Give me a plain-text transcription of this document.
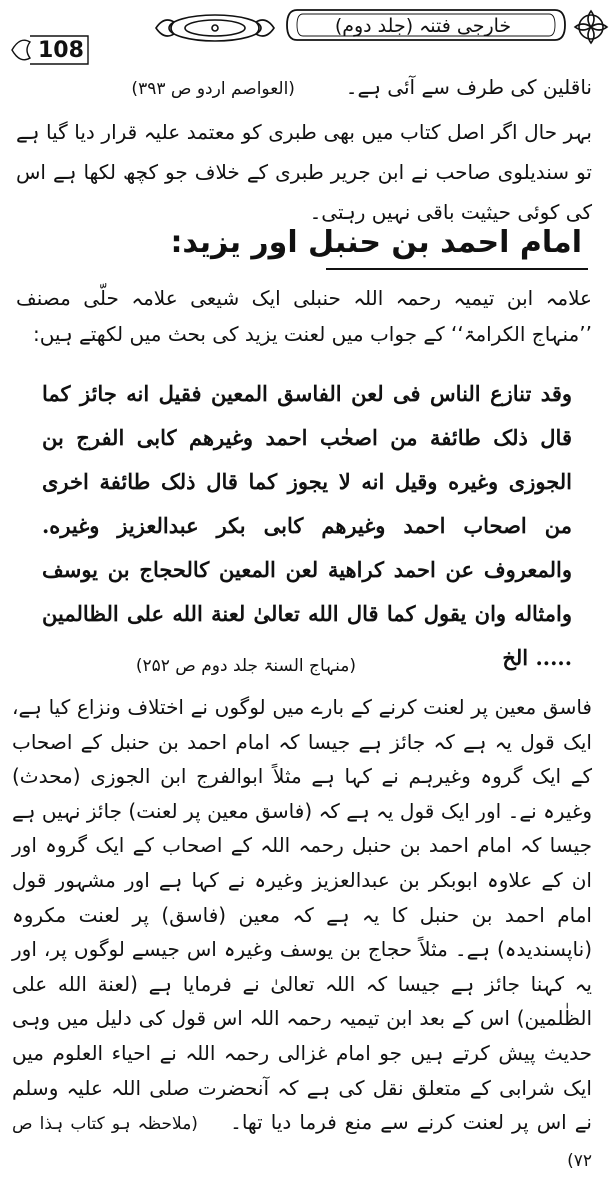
خارجی فتنہ (جلد دوم)
108
ناقلین کی طرف سے آئی ہے۔        (العواصم اردو ص ۳۹۳)
بہر حال اگر اصل کتاب میں بھی طبری کو معتمد علیہ قرار دیا گیا ہے تو سندیلوی صاحب نے ابن جریر طبری کے خلاف جو کچھ لکھا ہے اس کی کوئی حیثیت باقی نہیں رہتی۔
امام احمد بن حنبل اور یزید:
علامہ ابن تیمیہ رحمہ اللہ حنبلی ایک شیعی علامہ حلّی مصنف ’’منہاج الکرامۃ‘‘ کے جواب میں لعنت یزید کی بحث میں لکھتے ہیں:
وقد تنازع الناس فی لعن الفاسق المعین فقیل انه جائز کما قال ذلک طائفة من اصحٰب احمد وغیرهم کابی الفرج بن الجوزی وغیره وقیل انه لا یجوز کما قال ذلک طائفة اخری من اصحاب احمد وغیرهم کابی بکر عبدالعزیز وغیره. والمعروف عن احمد کراهیة لعن المعین کالحجاج بن یوسف وامثاله وان یقول کما قال الله تعالیٰ لعنة الله علی الظالمین ..... الخ
(منہاج السنۃ جلد دوم ص ۲۵۲)
فاسق معین پر لعنت کرنے کے بارے میں لوگوں نے اختلاف ونزاع کیا ہے، ایک قول یہ ہے کہ جائز ہے جیسا کہ امام احمد بن حنبل کے اصحاب کے ایک گروہ وغیرہم نے کہا ہے مثلاً ابوالفرج ابن الجوزی (محدث) وغیرہ نے۔ اور ایک قول یہ ہے کہ (فاسق معین پر لعنت) جائز نہیں ہے جیسا کہ امام احمد بن حنبل رحمہ اللہ کے اصحاب کے ایک گروہ اور ان کے علاوہ ابوبکر بن عبدالعزیز وغیرہ نے کہا ہے اور مشہور قول امام احمد بن حنبل کا یہ ہے کہ معین (فاسق) پر لعنت مکروہ (ناپسندیدہ) ہے۔ مثلاً حجاج بن یوسف وغیرہ اس جیسے لوگوں پر، اور یہ کہنا جائز ہے جیسا کہ اللہ تعالیٰ نے فرمایا ہے (لعنة الله علی الظٰلمین) اس کے بعد ابن تیمیہ رحمہ اللہ اس قول کی دلیل میں وہی حدیث پیش کرتے ہیں جو امام غزالی رحمہ اللہ نے احیاء العلوم میں ایک شرابی کے متعلق نقل کی ہے کہ آنحضرت صلی اللہ علیہ وسلم نے اس پر لعنت کرنے سے منع فرما دیا تھا۔    (ملاحظہ ہو کتاب ہذا ص ۷۲)
